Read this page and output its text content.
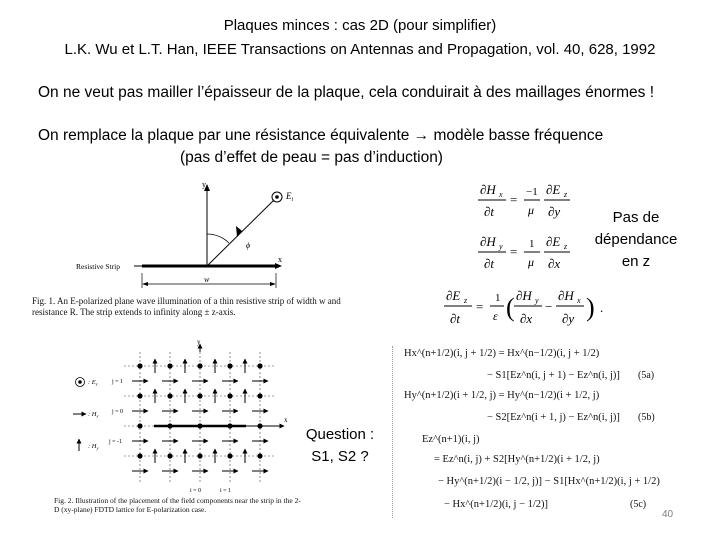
Plaques minces : cas 2D (pour simplifier)
L.K. Wu et L.T. Han, IEEE Transactions on Antennas and Propagation, vol. 40, 628, 1992
On ne veut pas mailler l’épaisseur de la plaque, cela conduirait à des maillages énormes !
On remplace la plaque par une résistance équivalente → modèle basse fréquence
(pas d’effet de peau = pas d’induction)
y
x
$E_i$
ϕ
Resistive Strip
w
Fig. 1. An E-polarized plane wave illumination of a thin resistive strip of width w and resistance R. The strip extends to infinity along ± z-axis.
∂H x
∂t
= −1
μ
∂E z
∂y
∂H y
∂t
= 1
μ
∂E z
∂x
∂E z
∂t
=
1
ε ( ∂H y
∂x
−
∂H x
∂y ) .
Pas de
dépendance
en z
y
x
: $E_z$
: $H_x$
: $H_y$
j = 1
j = 0
j = -1
i = 0	i = 1
Fig. 2. Illustration of the placement of the field components near the strip in the 2-D (xy-plane) FDTD lattice for E-polarization case.
Question :
S1, S2 ?
Hx^(n+1/2)(i, j + 1/2) = Hx^(n−1/2)(i, j + 1/2)
− S1[Ez^n(i, j + 1) − Ez^n(i, j)] (5a)
Hy^(n+1/2)(i + 1/2, j) = Hy^(n−1/2)(i + 1/2, j)
− S2[Ez^n(i + 1, j) − Ez^n(i, j)] (5b)
Ez^(n+1)(i, j)
= Ez^n(i, j) + S2[Hy^(n+1/2)(i + 1/2, j)
− Hy^(n+1/2)(i − 1/2, j)] − S1[Hx^(n+1/2)(i, j + 1/2)
− Hx^(n+1/2)(i, j − 1/2)]	(5c)
40
